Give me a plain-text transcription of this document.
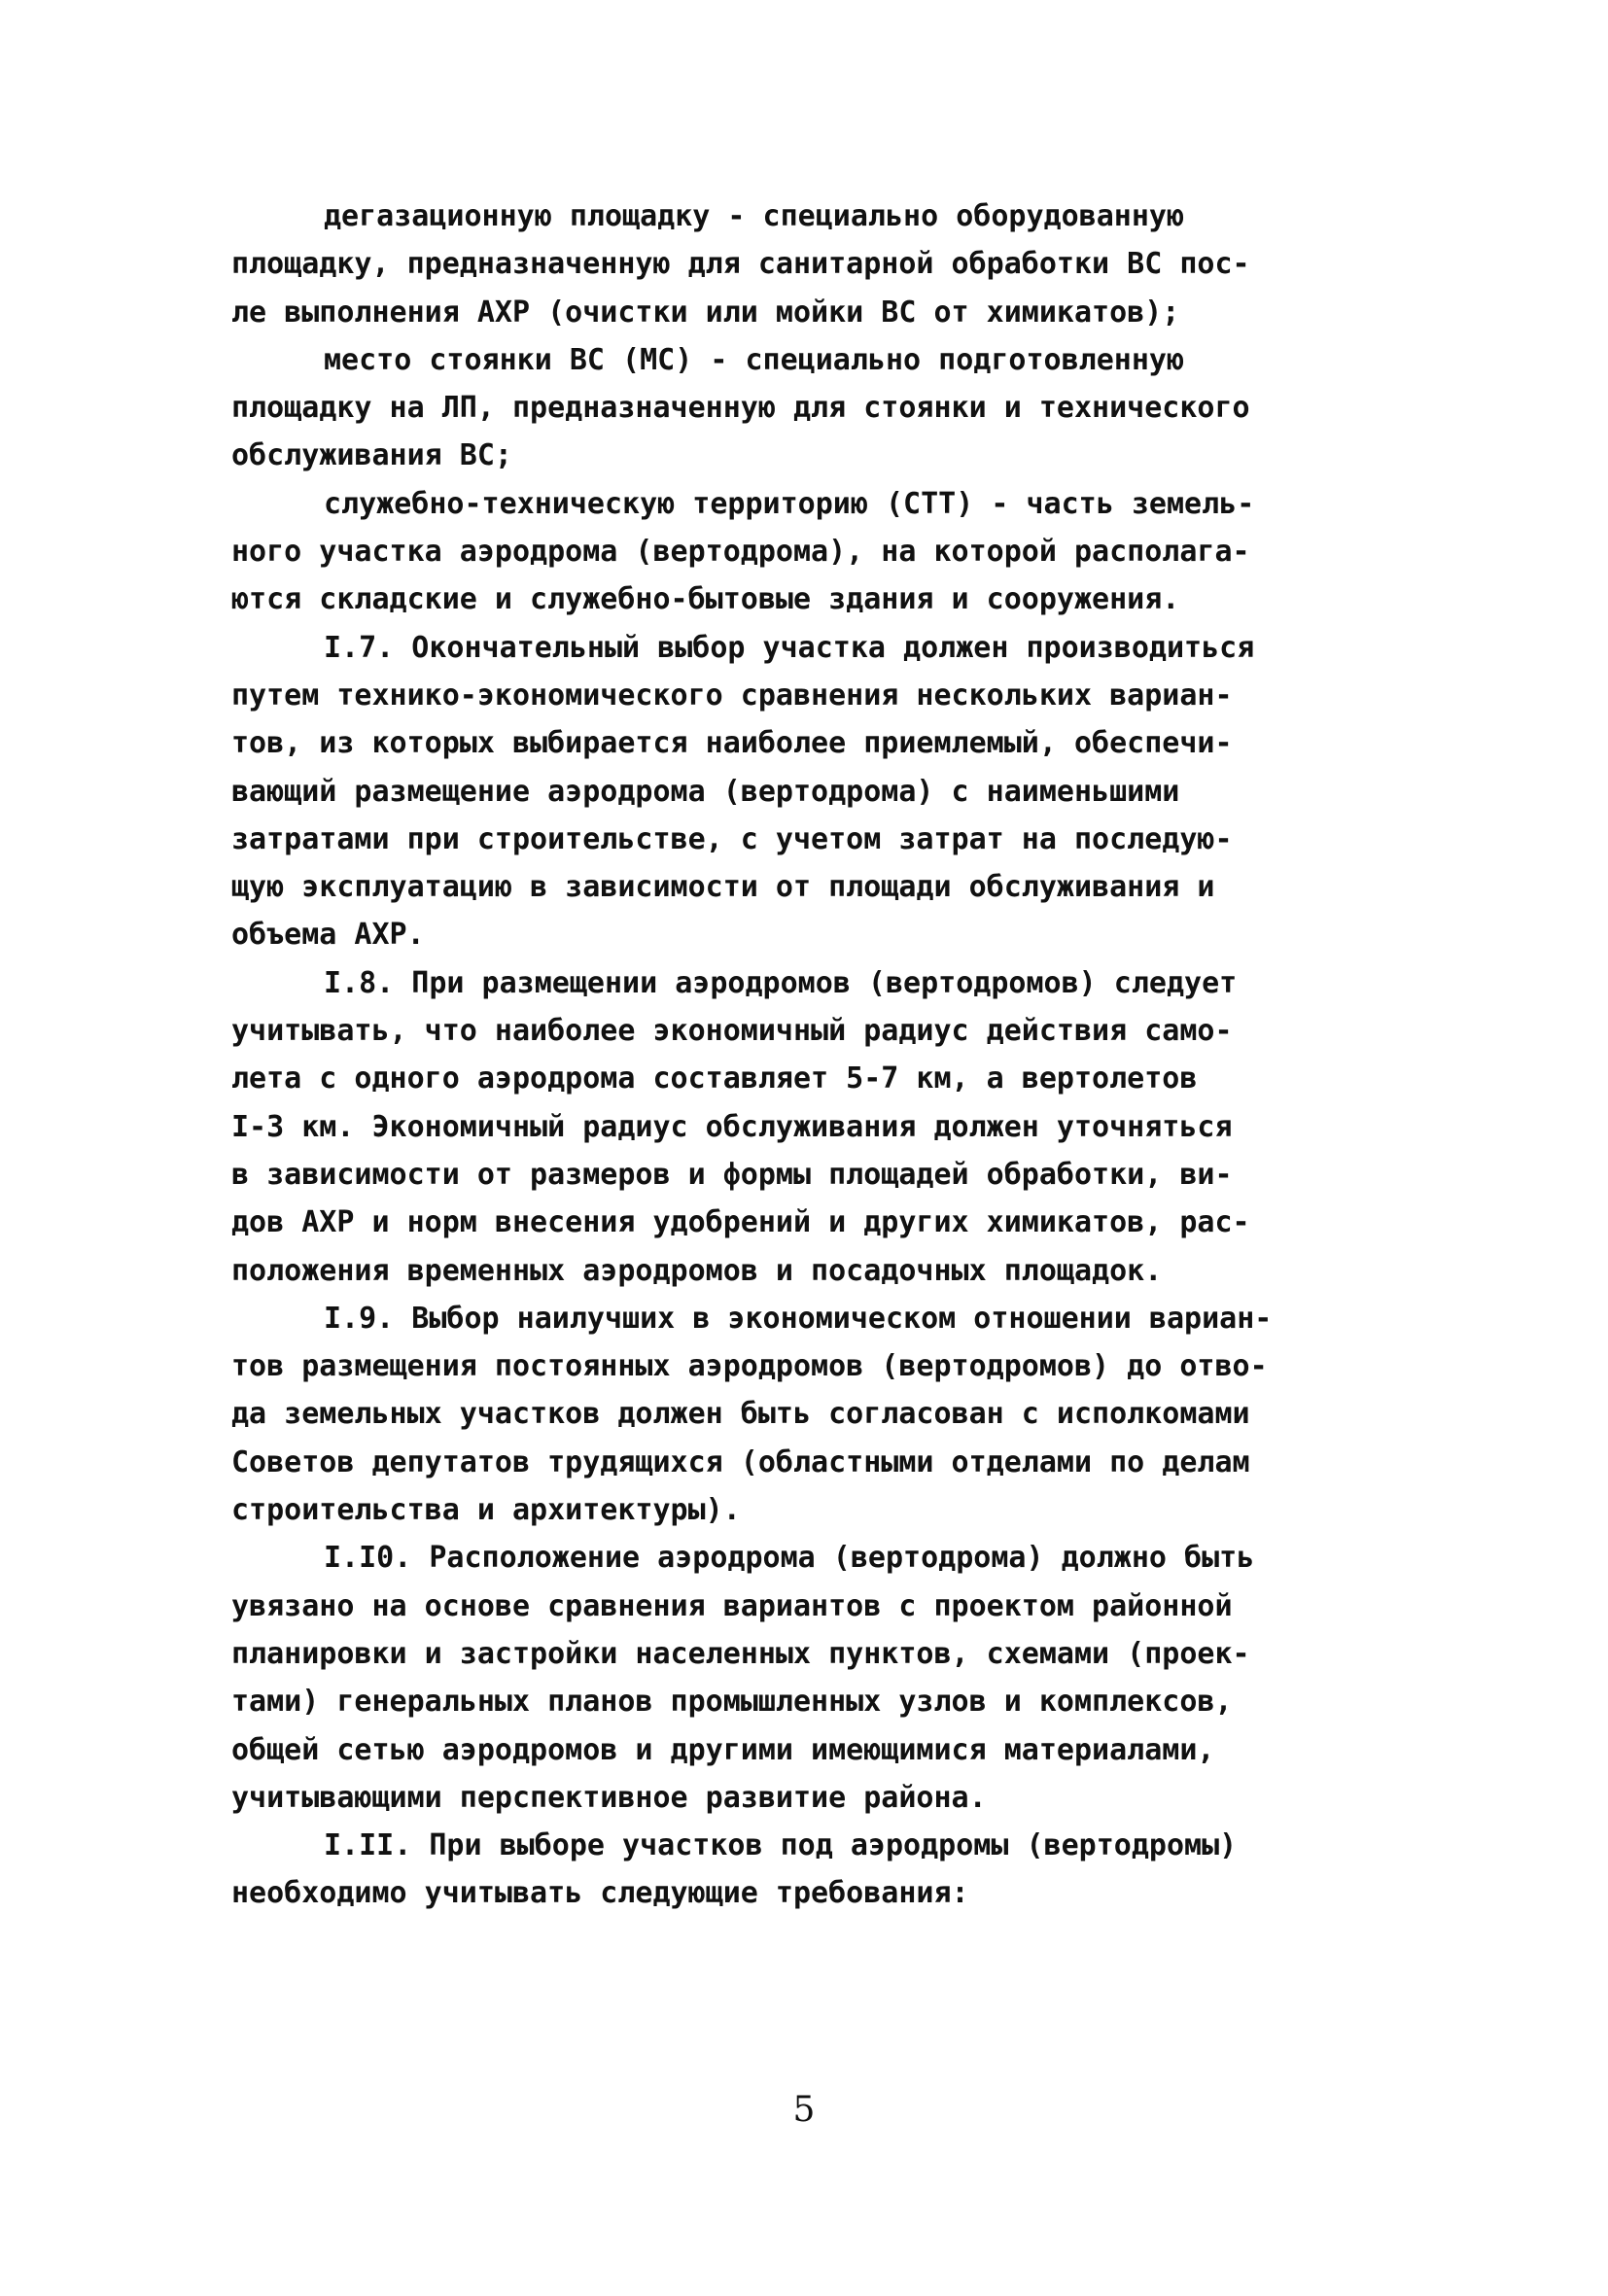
дегазационную площадку - специально оборудованную
площадку, предназначенную для санитарной обработки ВС пос-
ле выполнения АХР (очистки или мойки ВС от химикатов);
место стоянки ВС (МС) - специально подготовленную
площадку на ЛП, предназначенную для стоянки и технического
обслуживания ВС;
служебно-техническую территорию (СТТ) - часть земель-
ного участка аэродрома (вертодрома), на которой располага-
ются складские и служебно-бытовые здания и сооружения.
I.7. Окончательный выбор участка должен производиться
путем технико-экономического сравнения нескольких вариан-
тов, из которых выбирается наиболее приемлемый, обеспечи-
вающий размещение аэродрома (вертодрома) с наименьшими
затратами при строительстве, с учетом затрат на последую-
щую эксплуатацию в зависимости от площади обслуживания и
объема АХР.
I.8. При размещении аэродромов (вертодромов) следует
учитывать, что наиболее экономичный радиус действия само-
лета с одного аэродрома составляет 5-7 км, а вертолетов
I-3 км. Экономичный радиус обслуживания должен уточняться
в зависимости от размеров и формы площадей обработки, ви-
дов АХР и норм внесения удобрений и других химикатов, рас-
положения временных аэродромов и посадочных площадок.
I.9. Выбор наилучших в экономическом отношении вариан-
тов размещения постоянных аэродромов (вертодромов) до отво-
да земельных участков должен быть согласован с исполкомами
Советов депутатов трудящихся (областными отделами по делам
строительства и архитектуры).
I.I0. Расположение аэродрома (вертодрома) должно быть
увязано на основе сравнения вариантов с проектом районной
планировки и застройки населенных пунктов, схемами (проек-
тами) генеральных планов промышленных узлов и комплексов,
общей сетью аэродромов и другими имеющимися материалами,
учитывающими перспективное развитие района.
I.II. При выборе участков под аэродромы (вертодромы)
необходимо учитывать следующие требования:
5
